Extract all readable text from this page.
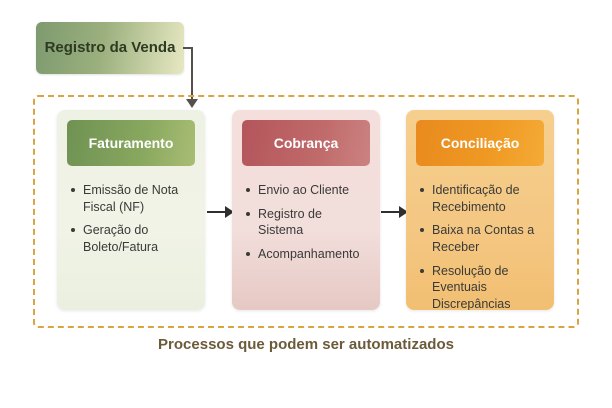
Registro da Venda
Faturamento
Emissão de Nota Fiscal (NF)
Geração do Boleto/Fatura
Cobrança
Envio ao Cliente
Registro de Sistema
Acompanhamento
Conciliação
Identificação de Recebimento
Baixa na Contas a Receber
Resolução de Eventuais Discrepâncias
Processos que podem ser automatizados
